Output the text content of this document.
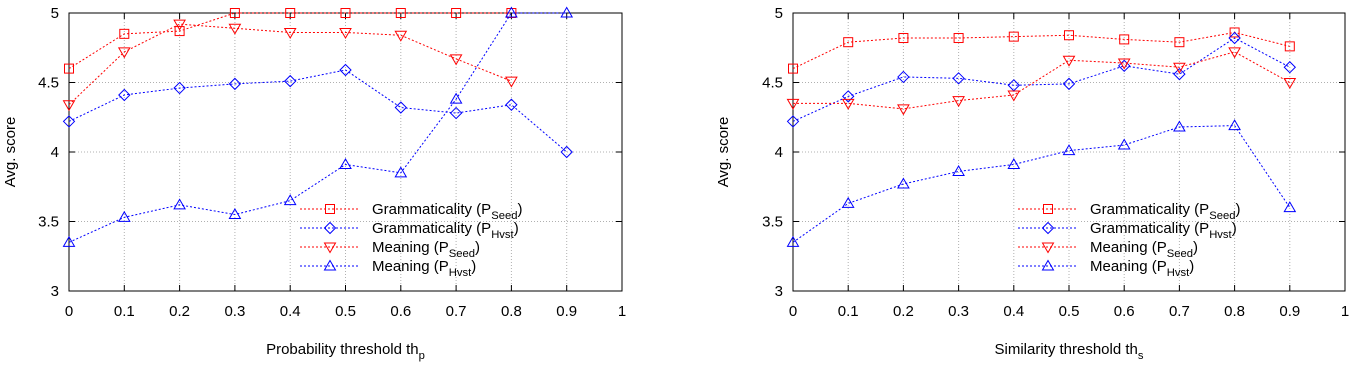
0	0.1 0.2 0.3 0.4 0.5 0.6 0.7 0.8 0.9	1
3
3.5
4
4.5
5
Probability threshold $th_p$
Avg. score
Grammaticality $(P_{Seed})$
Grammaticality $(P_{Hvst})$
Meaning $(P_{Seed})$
Meaning $(P_{Hvst})$
0	0.1 0.2 0.3 0.4 0.5 0.6 0.7 0.8 0.9	1
3
3.5
4
4.5
5
Similarity threshold $th_s$
Avg. score
Grammaticality $(P_{Seed})$
Grammaticality $(P_{Hvst})$
Meaning $(P_{Seed})$
Meaning $(P_{Hvst})$
